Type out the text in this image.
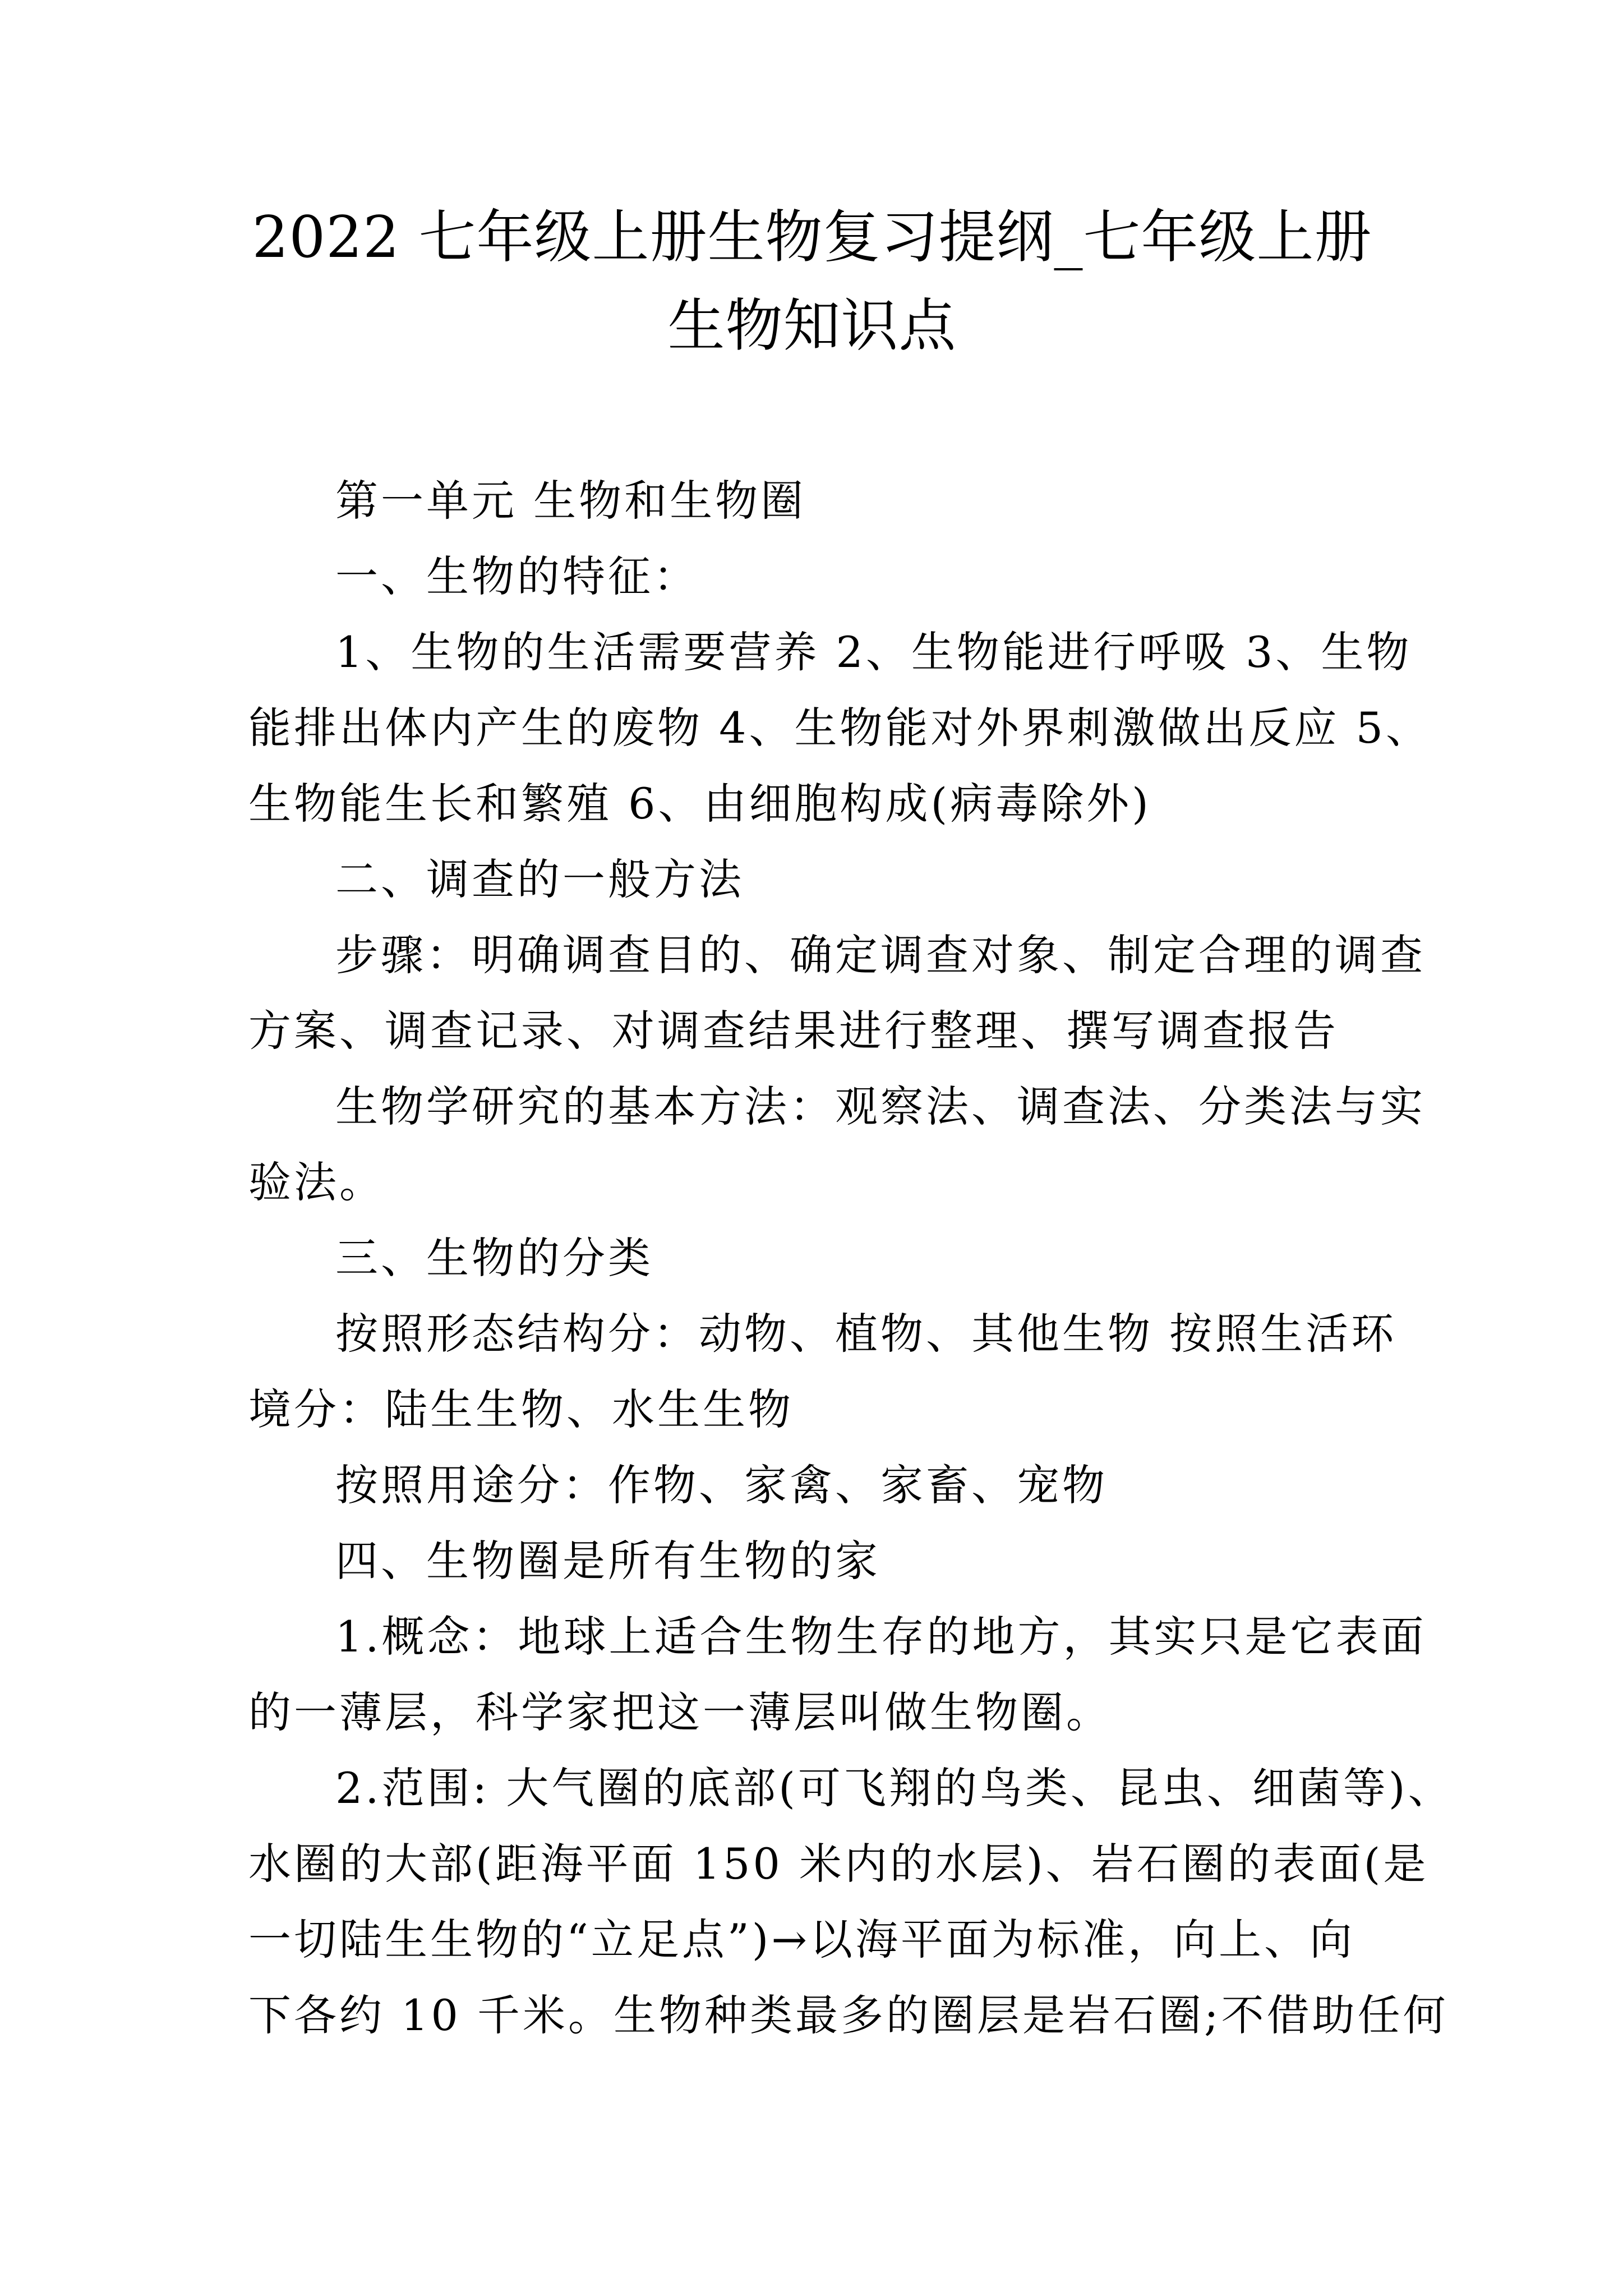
2022 七年级上册生物复习提纲_七年级上册
生物知识点
第一单元 生物和生物圈
一、生物的特征：
1、生物的生活需要营养 2、生物能进行呼吸 3、生物
能排出体内产生的废物 4、生物能对外界刺激做出反应 5、
生物能生长和繁殖 6、由细胞构成(病毒除外)
二、调查的一般方法
步骤：明确调查目的、确定调查对象、制定合理的调查
方案、调查记录、对调查结果进行整理、撰写调查报告
生物学研究的基本方法：观察法、调查法、分类法与实
验法。
三、生物的分类
按照形态结构分：动物、植物、其他生物 按照生活环
境分：陆生生物、水生生物
按照用途分：作物、家禽、家畜、宠物
四、生物圈是所有生物的家
1.概念：地球上适合生物生存的地方，其实只是它表面
的一薄层，科学家把这一薄层叫做生物圈。
2.范围: 大气圈的底部(可飞翔的鸟类、昆虫、细菌等)、
水圈的大部(距海平面 150 米内的水层)、岩石圈的表面(是
一切陆生生物的“立足点”)→以海平面为标准，向上、向
下各约 10 千米。生物种类最多的圈层是岩石圈;不借助任何
